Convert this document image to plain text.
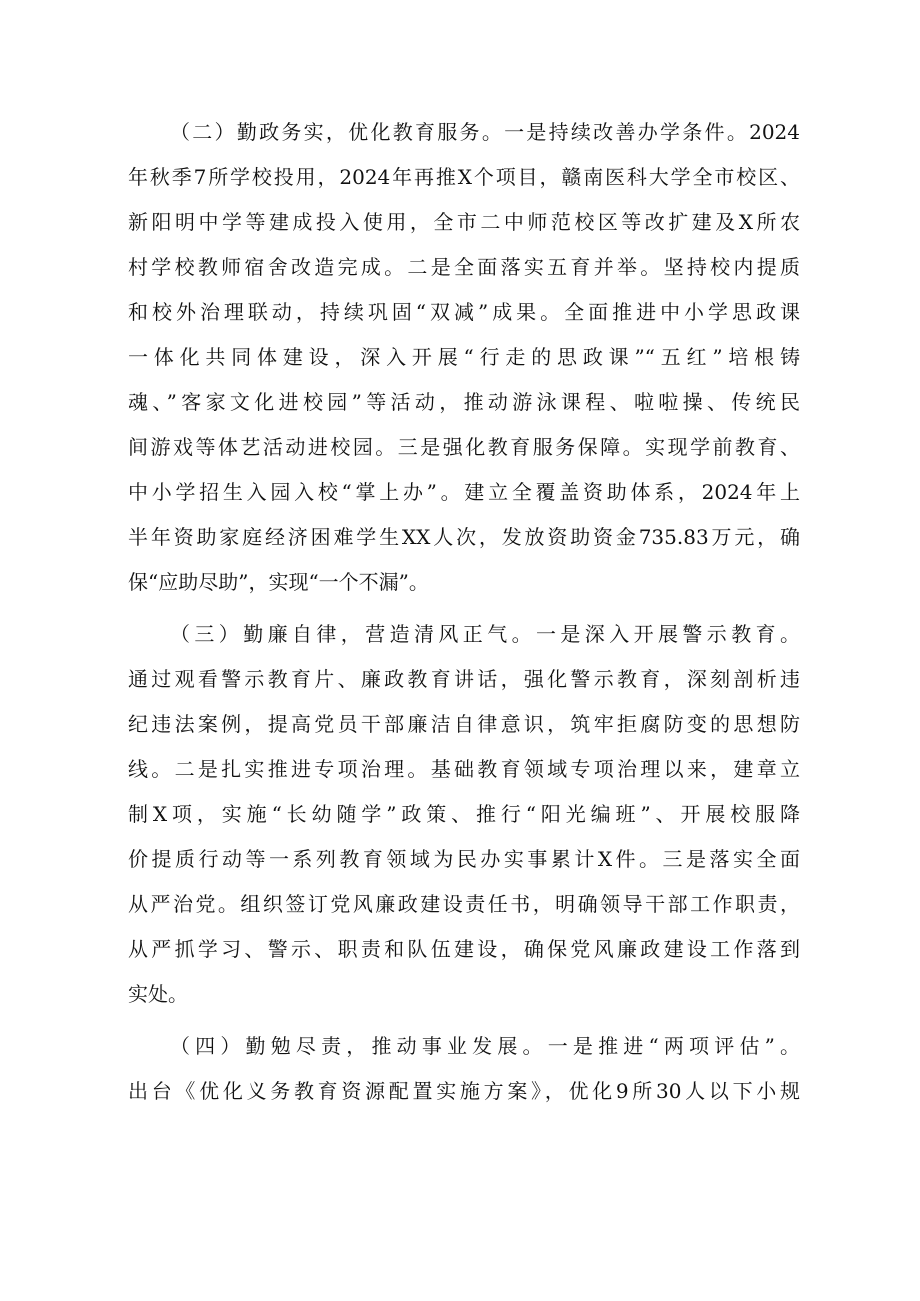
（二）勤政务实，优化教育服务。一是持续改善办学条件。2024
年秋季7所学校投用，2024年再推X个项目，赣南医科大学全市校区、
新阳明中学等建成投入使用，全市二中师范校区等改扩建及X所农
村学校教师宿舍改造完成。二是全面落实五育并举。坚持校内提质
和校外治理联动，持续巩固“双减”成果。全面推进中小学思政课
一体化共同体建设，深入开展“行走的思政课”“五红”培根铸
魂、”客家文化进校园”等活动，推动游泳课程、啦啦操、传统民
间游戏等体艺活动进校园。三是强化教育服务保障。实现学前教育、
中小学招生入园入校“掌上办”。建立全覆盖资助体系，2024年上
半年资助家庭经济困难学生XX人次，发放资助资金735.83万元，确
保“应助尽助”，实现“一个不漏”。
（三）勤廉自律，营造清风正气。一是深入开展警示教育。
通过观看警示教育片、廉政教育讲话，强化警示教育，深刻剖析违
纪违法案例，提高党员干部廉洁自律意识，筑牢拒腐防变的思想防
线。二是扎实推进专项治理。基础教育领域专项治理以来，建章立
制X项，实施“长幼随学”政策、推行“阳光编班”、开展校服降
价提质行动等一系列教育领域为民办实事累计X件。三是落实全面
从严治党。组织签订党风廉政建设责任书，明确领导干部工作职责，
从严抓学习、警示、职责和队伍建设，确保党风廉政建设工作落到
实处。
（四）勤勉尽责，推动事业发展。一是推进“两项评估”。
出台《优化义务教育资源配置实施方案》，优化9所30人以下小规
